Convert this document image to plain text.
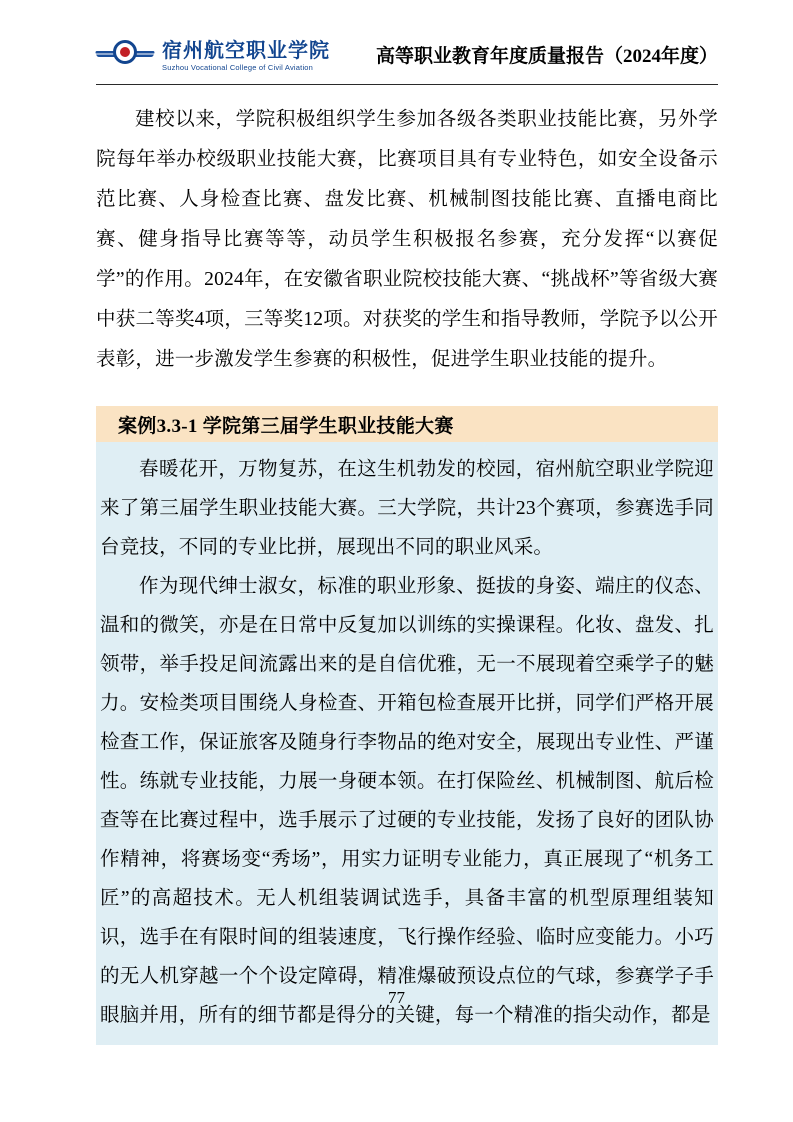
宿州航空职业学院
Suzhou Vocational College of Civil Aviation
高等职业教育年度质量报告（2024年度）

建校以来，学院积极组织学生参加各级各类职业技能比赛，另外学院每年举办校级职业技能大赛，比赛项目具有专业特色，如安全设备示范比赛、人身检查比赛、盘发比赛、机械制图技能比赛、直播电商比赛、健身指导比赛等等，动员学生积极报名参赛，充分发挥“以赛促学”的作用。2024年，在安徽省职业院校技能大赛、“挑战杯”等省级大赛中获二等奖4项，三等奖12项。对获奖的学生和指导教师，学院予以公开表彰，进一步激发学生参赛的积极性，促进学生职业技能的提升。

案例3.3-1 学院第三届学生职业技能大赛

春暖花开，万物复苏，在这生机勃发的校园，宿州航空职业学院迎来了第三届学生职业技能大赛。三大学院，共计23个赛项，参赛选手同台竞技，不同的专业比拼，展现出不同的职业风采。

作为现代绅士淑女，标准的职业形象、挺拔的身姿、端庄的仪态、温和的微笑，亦是在日常中反复加以训练的实操课程。化妆、盘发、扎领带，举手投足间流露出来的是自信优雅，无一不展现着空乘学子的魅力。安检类项目围绕人身检查、开箱包检查展开比拼，同学们严格开展检查工作，保证旅客及随身行李物品的绝对安全，展现出专业性、严谨性。练就专业技能，力展一身硬本领。在打保险丝、机械制图、航后检查等在比赛过程中，选手展示了过硬的专业技能，发扬了良好的团队协作精神，将赛场变“秀场”，用实力证明专业能力，真正展现了“机务工匠”的高超技术。无人机组装调试选手，具备丰富的机型原理组装知识，选手在有限时间的组装速度，飞行操作经验、临时应变能力。小巧的无人机穿越一个个设定障碍，精准爆破预设点位的气球，参赛学子手眼脑并用，所有的细节都是得分的关键，每一个精准的指尖动作，都是

77
